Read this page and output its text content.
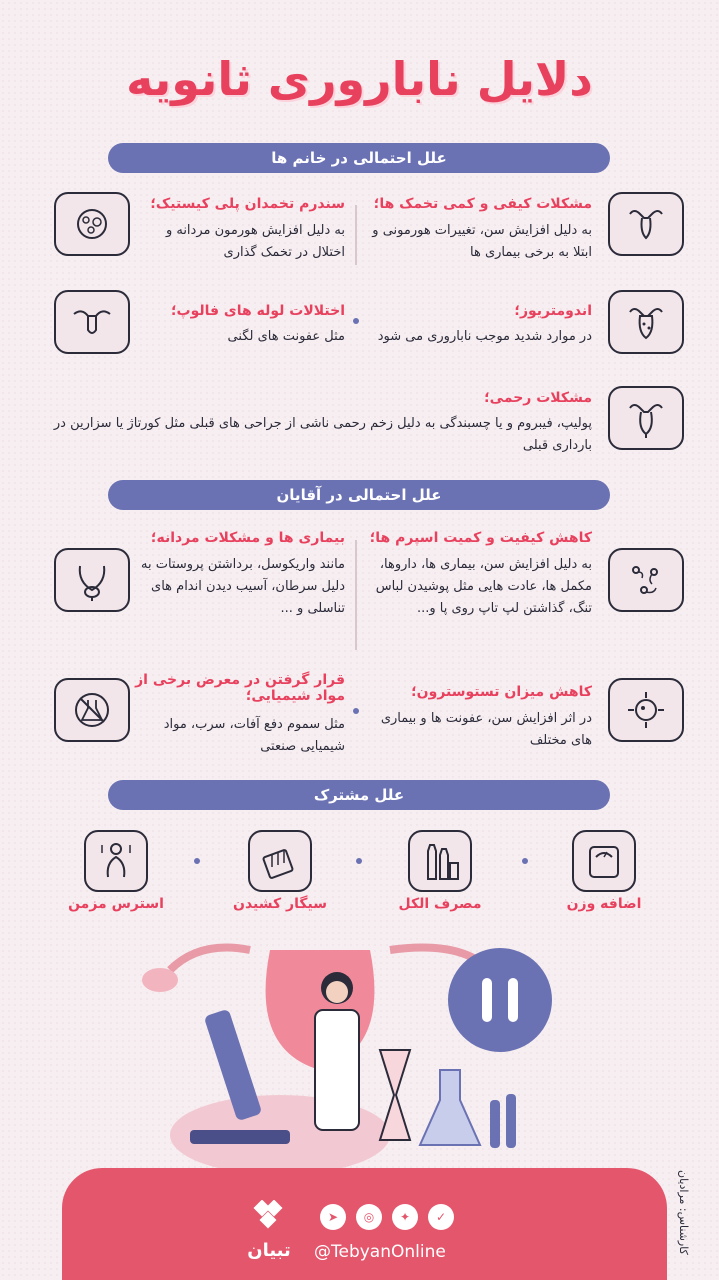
دلایل ناباروری ثانویه
علل احتمالی در خانم ها
مشکلات کیفی و کمی تخمک ها؛
به دلیل افزایش سن، تغییرات هورمونی و ابتلا به برخی بیماری ها
سندرم تخمدان پلی کیستیک؛
به دلیل افزایش هورمون مردانه و اختلال در تخمک گذاری
اندومتریوز؛
در موارد شدید موجب ناباروری می شود
اختلالات لوله های فالوپ؛
مثل عفونت های لگنی
مشکلات رحمی؛
پولیپ، فیبروم و یا چسبندگی به دلیل زخم رحمی ناشی از جراحی های قبلی مثل کورتاژ یا سزارین در بارداری قبلی
علل احتمالی در آقایان
کاهش کیفیت و کمیت اسپرم ها؛
به دلیل افزایش سن، بیماری ها، داروها، مکمل ها، عادت هایی مثل پوشیدن لباس تنگ، گذاشتن لپ تاپ روی پا و...
بیماری ها و مشکلات مردانه؛
مانند واریکوسل، برداشتن پروستات به دلیل سرطان، آسیب دیدن اندام های تناسلی و ...
کاهش میزان تستوسترون؛
در اثر افزایش سن، عفونت ها و بیماری های مختلف
قرار گرفتن در معرض برخی از مواد شیمیایی؛
مثل سموم دفع آفات، سرب، مواد شیمیایی صنعتی
علل مشترک
اضافه وزن
مصرف الکل
سیگار کشیدن
استرس مزمن
تبیان
➤	◎	✦	✓
@TebyanOnline	کارشناس: مرادیان
